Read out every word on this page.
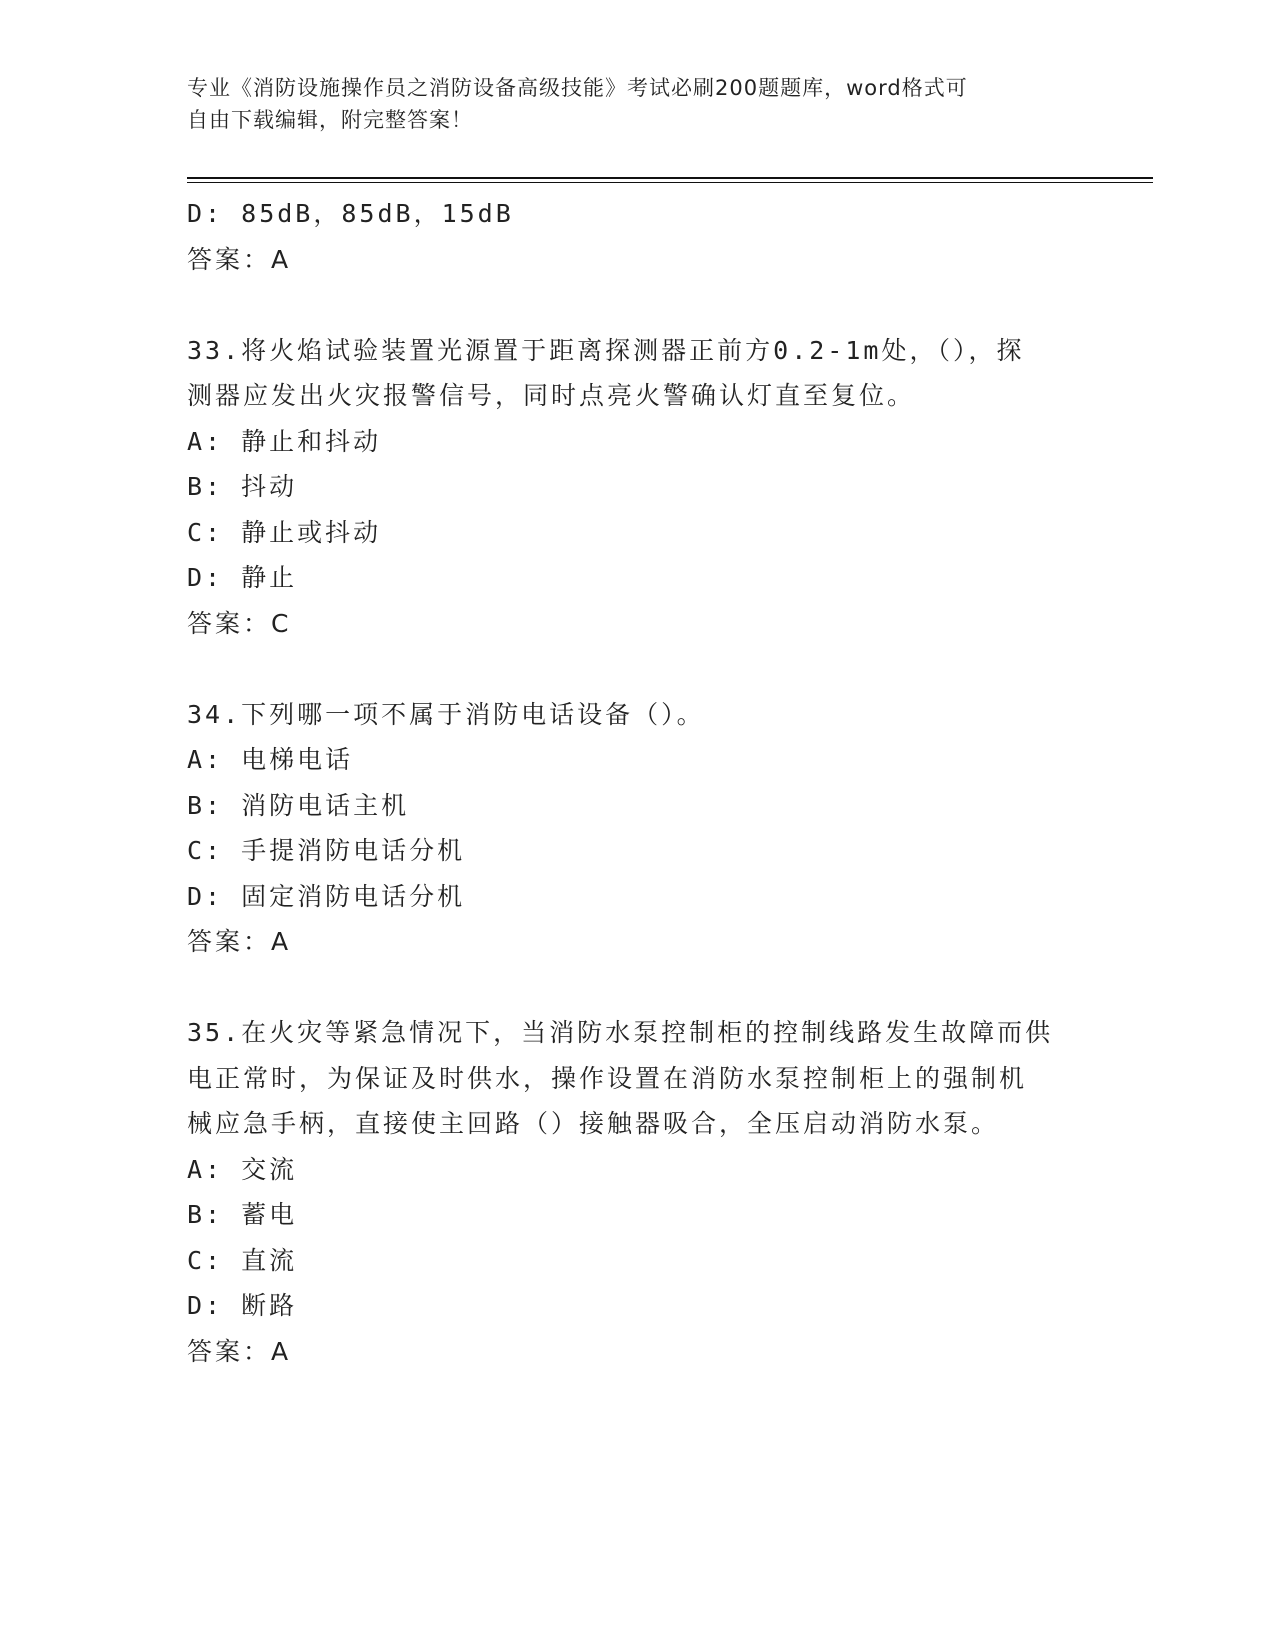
专业《消防设施操作员之消防设备高级技能》考试必刷200题题库，word格式可
自由下载编辑，附完整答案！
D: 85dB，85dB，15dB
答案：A
33.将火焰试验装置光源置于距离探测器正前方0.2-1m处，（），探
测器应发出火灾报警信号，同时点亮火警确认灯直至复位。
A: 静止和抖动
B: 抖动
C: 静止或抖动
D: 静止
答案：C
34.下列哪一项不属于消防电话设备（）。
A: 电梯电话
B: 消防电话主机
C: 手提消防电话分机
D: 固定消防电话分机
答案：A
35.在火灾等紧急情况下，当消防水泵控制柜的控制线路发生故障而供
电正常时，为保证及时供水，操作设置在消防水泵控制柜上的强制机
械应急手柄，直接使主回路（）接触器吸合，全压启动消防水泵。
A: 交流
B: 蓄电
C: 直流
D: 断路
答案：A
